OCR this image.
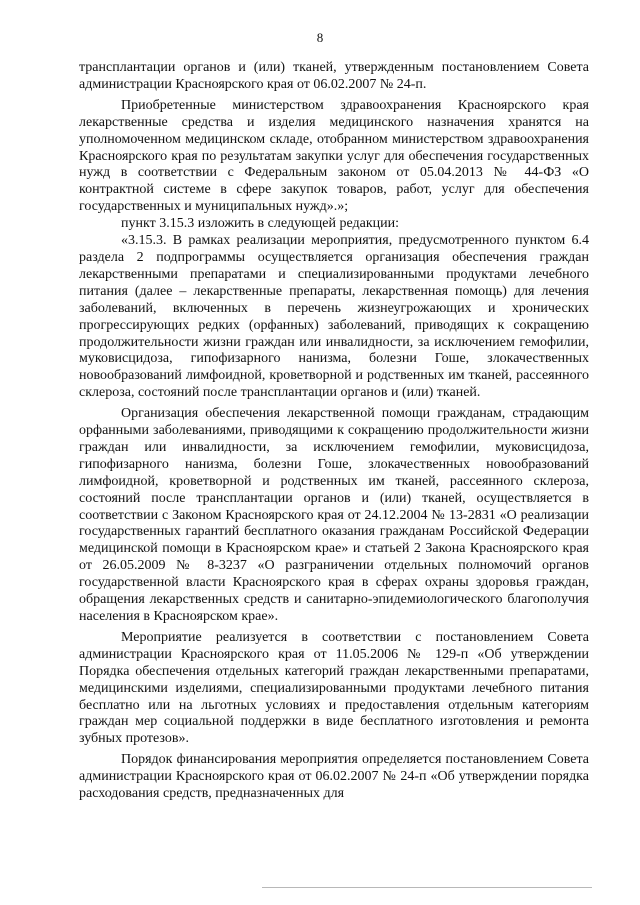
8

трансплантации органов и (или) тканей, утвержденным постановлением Совета администрации Красноярского края от 06.02.2007 № 24-п.

Приобретенные министерством здравоохранения Красноярского края лекарственные средства и изделия медицинского назначения хранятся на уполномоченном медицинском складе, отобранном министерством здравоохранения Красноярского края по результатам закупки услуг для обеспечения государственных нужд в соответствии с Федеральным законом от 05.04.2013 № 44-ФЗ «О контрактной системе в сфере закупок товаров, работ, услуг для обеспечения государственных и муниципальных нужд».»;

пункт 3.15.3 изложить в следующей редакции:

«3.15.3. В рамках реализации мероприятия, предусмотренного пунктом 6.4 раздела 2 подпрограммы осуществляется организация обеспечения граждан лекарственными препаратами и специализированными продуктами лечебного питания (далее – лекарственные препараты, лекарственная помощь) для лечения заболеваний, включенных в перечень жизнеугрожающих и хронических прогрессирующих редких (орфанных) заболеваний, приводящих к сокращению продолжительности жизни граждан или инвалидности, за исключением гемофилии, муковисцидоза, гипофизарного нанизма, болезни Гоше, злокачественных новообразований лимфоидной, кроветворной и родственных им тканей, рассеянного склероза, состояний после трансплантации органов и (или) тканей.

Организация обеспечения лекарственной помощи гражданам, страдающим орфанными заболеваниями, приводящими к сокращению продолжительности жизни граждан или инвалидности, за исключением гемофилии, муковисцидоза, гипофизарного нанизма, болезни Гоше, злокачественных новообразований лимфоидной, кроветворной и родственных им тканей, рассеянного склероза, состояний после трансплантации органов и (или) тканей, осуществляется в соответствии с Законом Красноярского края от 24.12.2004 № 13-2831 «О реализации государственных гарантий бесплатного оказания гражданам Российской Федерации медицинской помощи в Красноярском крае» и статьей 2 Закона Красноярского края от 26.05.2009 № 8-3237 «О разграничении отдельных полномочий органов государственной власти Красноярского края в сферах охраны здоровья граждан, обращения лекарственных средств и санитарно-эпидемиологического благополучия населения в Красноярском крае».

Мероприятие реализуется в соответствии с постановлением Совета администрации Красноярского края от 11.05.2006 № 129-п «Об утверждении Порядка обеспечения отдельных категорий граждан лекарственными препаратами, медицинскими изделиями, специализированными продуктами лечебного питания бесплатно или на льготных условиях и предоставления отдельным категориям граждан мер социальной поддержки в виде бесплатного изготовления и ремонта зубных протезов».

Порядок финансирования мероприятия определяется постановлением Совета администрации Красноярского края от 06.02.2007 № 24-п «Об утверждении порядка расходования средств, предназначенных для
